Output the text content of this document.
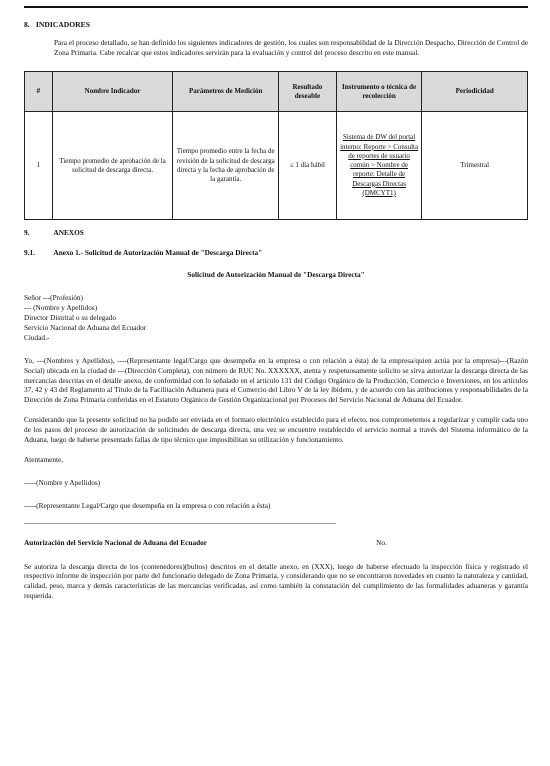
8. INDICADORES

Para el proceso detallado, se han definido los siguientes indicadores de gestión, los cuales son responsabilidad de la Dirección Despacho, Dirección de Control de Zona Primaria. Cabe recalcar que estos indicadores servirán para la evaluación y control del proceso descrito en este manual.

#	Nombre Indicador	Parámetros de Medición	Resultado deseable	Instrumento o técnica de recolección	Periodicidad
1	Tiempo promedio de aprobación de la solicitud de descarga directa.	Tiempo promedio entre la fecha de revisión de la solicitud de descarga directa y la fecha de aprobación de la garantía.	≤ 1 día hábil	Sistema de DW del portal interno: Reporte > Consulta de reportes de usuario común > Nombre de reporte: Detalle de Descargas Directas (DMCYT1)	Trimestral
9.	ANEXOS
9.1.	Anexo 1.- Solicitud de Autorización Manual de "Descarga Directa"
Solicitud de Autorización Manual de "Descarga Directa"
Señor ---(Profesión)
--- (Nombre y Apellidos)
Director Distrital o su delegado
Servicio Nacional de Aduana del Ecuador
Ciudad.-

Yo, ---(Nombres y Apellidos), ----(Representante legal/Cargo que desempeña en la empresa o con relación a ésta) de la empresa/quien actúa por la empresa)---(Razón Social) ubicada en la ciudad de ---(Dirección Completa), con número de RUC No. XXXXXX, atenta y respetuosamente solicito se sírva autorizar la descarga directa de las mercancías descritas en el detalle anexo, de conformidad con lo señalado en el artículo 131 del Código Orgánico de la Producción, Comercio e Inversiones, en los artículos 37, 42 y 43 del Reglamento al Título de la Facilitación Aduanera para el Comercio del Libro V de la ley ibídem, y de acuerdo con las atribuciones y responsabilidades de la Dirección de Zona Primaria conferidas en el Estatuto Orgánico de Gestión Organizacional por Procesos del Servicio Nacional de Aduana del Ecuador.

Considerando que la presente solicitud no ha podido ser enviada en el formato electrónico establecido para el efecto, nos comprometemos a regularizar y cumplir cada uno de los pasos del proceso de autorización de solicitudes de descarga directa, una vez se encuentre restablecido el servicio normal a través del Sistema informático de la Aduana, luego de haberse presentado fallas de tipo técnico que imposibilitan su utilización y funcionamiento.

Atentamente,
-----(Nombre y Apellidos)
-----(Representante Legal/Cargo que desempeña en la empresa o con relación a ésta)
Autorización del Servicio Nacional de Aduana del Ecuador	No.

Se autoriza la descarga directa de los (contenedores)(bultos) descritos en el detalle anexo, en (XXX), luego de haberse efectuado la inspección física y registrado el respectivo informe de inspección por parte del funcionario delegado de Zona Primaria, y considerando que no se encontraron novedades en cuanto la naturaleza y cantidad, calidad, peso, marca y demás características de las mercancías verificadas, así como también la constatación del cumplimiento de las formalidades aduaneras y garantía requerida.
